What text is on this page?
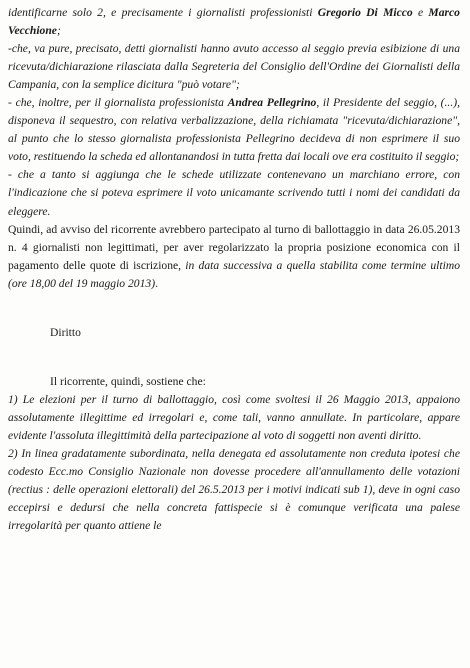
identificarne solo 2, e precisamente i giornalisti professionisti Gregorio Di Micco e Marco Vecchione;

-che, va pure, precisato, detti giornalisti hanno avuto accesso al seggio previa esibizione di una ricevuta/dichiarazione rilasciata dalla Segreteria del Consiglio dell'Ordine dei Giornalisti della Campania, con la semplice dicitura "può votare";

- che, inoltre, per il giornalista professionista Andrea Pellegrino, il Presidente del seggio, (...), disponeva il sequestro, con relativa verbalizzazione, della richiamata "ricevuta/dichiarazione", al punto che lo stesso giornalista professionista Pellegrino decideva di non esprimere il suo voto, restituendo la scheda ed allontanandosi in tutta fretta dai locali ove era costituito il seggio;

- che a tanto si aggiunga che le schede utilizzate contenevano un marchiano errore, con l'indicazione che si poteva esprimere il voto unicamante scrivendo tutti i nomi dei candidati da eleggere.

Quindi, ad avviso del ricorrente avrebbero partecipato al turno di ballottaggio in data 26.05.2013 n. 4 giornalisti non legittimati, per aver regolarizzato la propria posizione economica con il pagamento delle quote di iscrizione, in data successiva a quella stabilita come termine ultimo (ore 18,00 del 19 maggio 2013).

Diritto

Il ricorrente, quindi, sostiene che:

1) Le elezioni per il turno di ballottaggio, così come svoltesi il 26 Maggio 2013, appaiono assolutamente illegittime ed irregolari e, come tali, vanno annullate. In particolare, appare evidente l'assoluta illegittimità della partecipazione al voto di soggetti non aventi diritto.

2) In linea gradatamente subordinata, nella denegata ed assolutamente non creduta ipotesi che codesto Ecc.mo Consiglio Nazionale non dovesse procedere all'annullamento delle votazioni (rectius : delle operazioni elettorali) del 26.5.2013 per i motivi indicati sub 1), deve in ogni caso eccepirsi e dedursi che nella concreta fattispecie si è comunque verificata una palese irregolarità per quanto attiene le
